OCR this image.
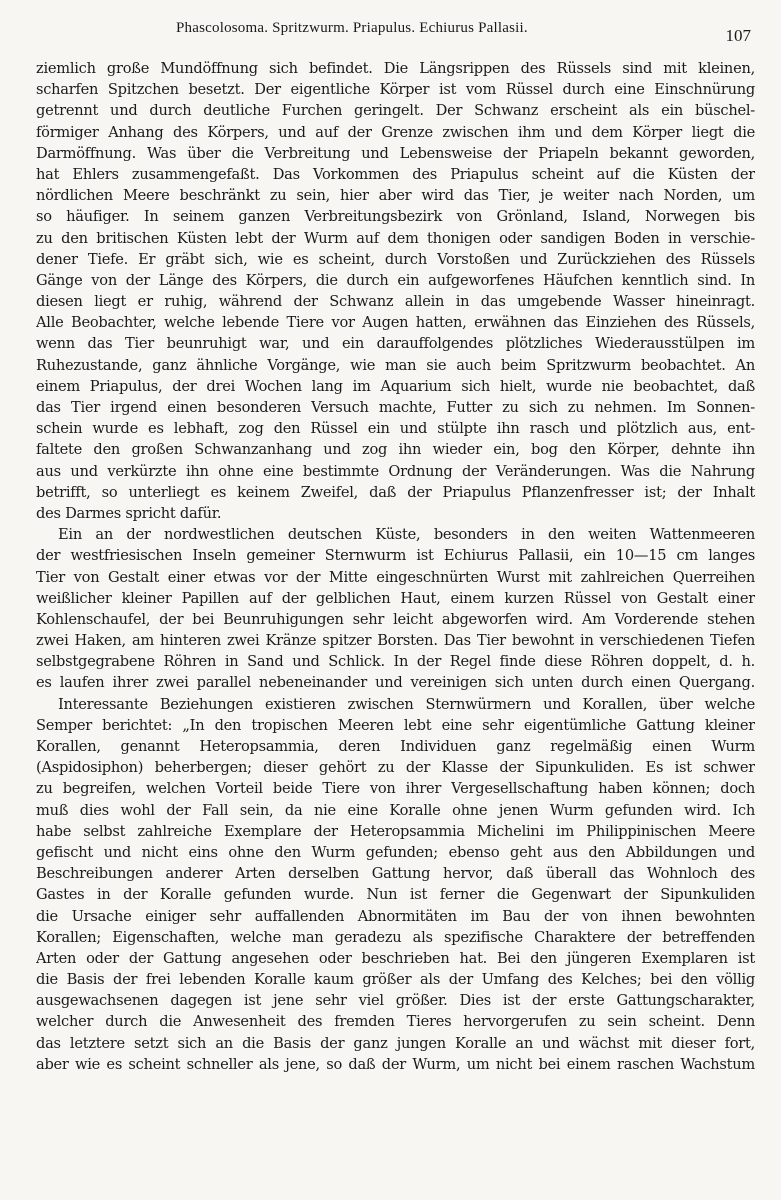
Phascolosoma. Spritzwurm. Priapulus. Echiurus Pallasii.	107
ziemlich große Mundöffnung sich befindet. Die Längsrippen des Rüssels sind mit kleinen,
scharfen Spitzchen besetzt. Der eigentliche Körper ist vom Rüssel durch eine Einschnürung
getrennt und durch deutliche Furchen geringelt. Der Schwanz erscheint als ein büschel-
förmiger Anhang des Körpers, und auf der Grenze zwischen ihm und dem Körper liegt die
Darmöffnung. Was über die Verbreitung und Lebensweise der Priapeln bekannt geworden,
hat Ehlers zusammengefaßt. Das Vorkommen des Priapulus scheint auf die Küsten der
nördlichen Meere beschränkt zu sein, hier aber wird das Tier, je weiter nach Norden, um
so häufiger. In seinem ganzen Verbreitungsbezirk von Grönland, Island, Norwegen bis
zu den britischen Küsten lebt der Wurm auf dem thonigen oder sandigen Boden in verschie-
dener Tiefe. Er gräbt sich, wie es scheint, durch Vorstoßen und Zurückziehen des Rüssels
Gänge von der Länge des Körpers, die durch ein aufgeworfenes Häufchen kenntlich sind. In
diesen liegt er ruhig, während der Schwanz allein in das umgebende Wasser hineinragt.
Alle Beobachter, welche lebende Tiere vor Augen hatten, erwähnen das Einziehen des Rüssels,
wenn das Tier beunruhigt war, und ein darauffolgendes plötzliches Wiederausstülpen im
Ruhezustande, ganz ähnliche Vorgänge, wie man sie auch beim Spritzwurm beobachtet. An
einem Priapulus, der drei Wochen lang im Aquarium sich hielt, wurde nie beobachtet, daß
das Tier irgend einen besonderen Versuch machte, Futter zu sich zu nehmen. Im Sonnen-
schein wurde es lebhaft, zog den Rüssel ein und stülpte ihn rasch und plötzlich aus, ent-
faltete den großen Schwanzanhang und zog ihn wieder ein, bog den Körper, dehnte ihn
aus und verkürzte ihn ohne eine bestimmte Ordnung der Veränderungen. Was die Nahrung
betrifft, so unterliegt es keinem Zweifel, daß der Priapulus Pflanzenfresser ist; der Inhalt
des Darmes spricht dafür.
Ein an der nordwestlichen deutschen Küste, besonders in den weiten Wattenmeeren
der westfriesischen Inseln gemeiner Sternwurm ist Echiurus Pallasii, ein 10—15 cm langes
Tier von Gestalt einer etwas vor der Mitte eingeschnürten Wurst mit zahlreichen Querreihen
weißlicher kleiner Papillen auf der gelblichen Haut, einem kurzen Rüssel von Gestalt einer
Kohlenschaufel, der bei Beunruhigungen sehr leicht abgeworfen wird. Am Vorderende stehen
zwei Haken, am hinteren zwei Kränze spitzer Borsten. Das Tier bewohnt in verschiedenen Tiefen
selbstgegrabene Röhren in Sand und Schlick. In der Regel finde diese Röhren doppelt, d. h.
es laufen ihrer zwei parallel nebeneinander und vereinigen sich unten durch einen Quergang.
Interessante Beziehungen existieren zwischen Sternwürmern und Korallen, über welche
Semper berichtet: „In den tropischen Meeren lebt eine sehr eigentümliche Gattung kleiner
Korallen, genannt Heteropsammia, deren Individuen ganz regelmäßig einen Wurm
(Aspidosiphon) beherbergen; dieser gehört zu der Klasse der Sipunkuliden. Es ist schwer
zu begreifen, welchen Vorteil beide Tiere von ihrer Vergesellschaftung haben können; doch
muß dies wohl der Fall sein, da nie eine Koralle ohne jenen Wurm gefunden wird. Ich
habe selbst zahlreiche Exemplare der Heteropsammia Michelini im Philippinischen Meere
gefischt und nicht eins ohne den Wurm gefunden; ebenso geht aus den Abbildungen und
Beschreibungen anderer Arten derselben Gattung hervor, daß überall das Wohnloch des
Gastes in der Koralle gefunden wurde. Nun ist ferner die Gegenwart der Sipunkuliden
die Ursache einiger sehr auffallenden Abnormitäten im Bau der von ihnen bewohnten
Korallen; Eigenschaften, welche man geradezu als spezifische Charaktere der betreffenden
Arten oder der Gattung angesehen oder beschrieben hat. Bei den jüngeren Exemplaren ist
die Basis der frei lebenden Koralle kaum größer als der Umfang des Kelches; bei den völlig
ausgewachsenen dagegen ist jene sehr viel größer. Dies ist der erste Gattungscharakter,
welcher durch die Anwesenheit des fremden Tieres hervorgerufen zu sein scheint. Denn
das letztere setzt sich an die Basis der ganz jungen Koralle an und wächst mit dieser fort,
aber wie es scheint schneller als jene, so daß der Wurm, um nicht bei einem raschen Wachstum
